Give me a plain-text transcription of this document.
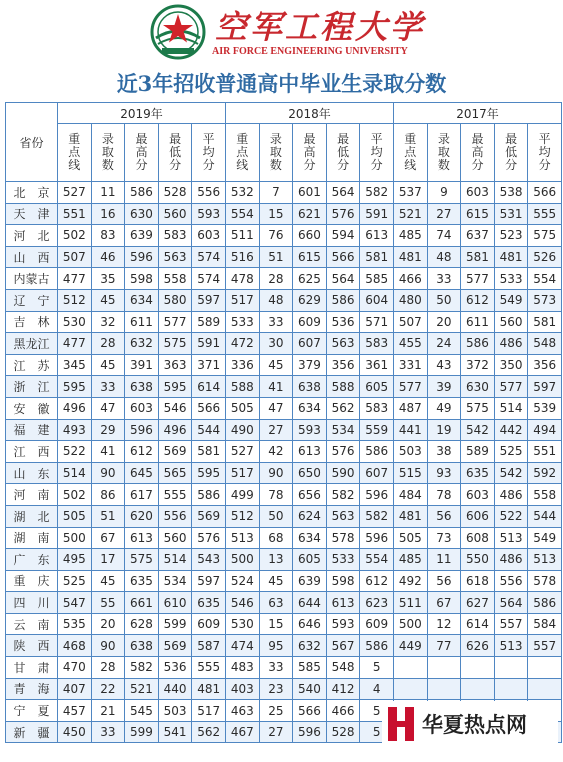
空军工程大学
AIR FORCE ENGINEERING UNIVERSITY
近3年招收普通高中毕业生录取分数
省份	2019年					2018年					2017年				

	重
点
线	录
取
数	最
高
分	最
低
分	平
均
分	重
点
线	录
取
数	最
高
分	最
低
分	平
均
分	重
点
线	录
取
数	最
高
分	最
低
分	平
均
分

北　京	527	11	586	528	556	532	7	601	564	582	537	9	603	538	566
天　津	551	16	630	560	593	554	15	621	576	591	521	27	615	531	555
河　北	502	83	639	583	603	511	76	660	594	613	485	74	637	523	575
山　西	507	46	596	563	574	516	51	615	566	581	481	48	581	481	526
内蒙古	477	35	598	558	574	478	28	625	564	585	466	33	577	533	554
辽　宁	512	45	634	580	597	517	48	629	586	604	480	50	612	549	573
吉　林	530	32	611	577	589	533	33	609	536	571	507	20	611	560	581
黑龙江	477	28	632	575	591	472	30	607	563	583	455	24	586	486	548
江　苏	345	45	391	363	371	336	45	379	356	361	331	43	372	350	356
浙　江	595	33	638	595	614	588	41	638	588	605	577	39	630	577	597
安　徽	496	47	603	546	566	505	47	634	562	583	487	49	575	514	539
福　建	493	29	596	496	544	490	27	593	534	559	441	19	542	442	494
江　西	522	41	612	569	581	527	42	613	576	586	503	38	589	525	551
山　东	514	90	645	565	595	517	90	650	590	607	515	93	635	542	592
河　南	502	86	617	555	586	499	78	656	582	596	484	78	603	486	558
湖　北	505	51	620	556	569	512	50	624	563	582	481	56	606	522	544
湖　南	500	67	613	560	576	513	68	634	578	596	505	73	608	513	549
广　东	495	17	575	514	543	500	13	605	533	554	485	11	550	486	513
重　庆	525	45	635	534	597	524	45	639	598	612	492	56	618	556	578
四　川	547	55	661	610	635	546	63	644	613	623	511	67	627	564	586
云　南	535	20	628	599	609	530	15	646	593	609	500	12	614	557	584
陕　西	468	90	638	569	587	474	95	632	567	586	449	77	626	513	557
甘　肃	470	28	582	536	555	483	33	585	548	5					
青　海	407	22	521	440	481	403	23	540	412	4					
宁　夏	457	21	545	503	517	463	25	566	466	5					
新　疆	450	33	599	541	562	467	27	596	528	5					华夏热点网
